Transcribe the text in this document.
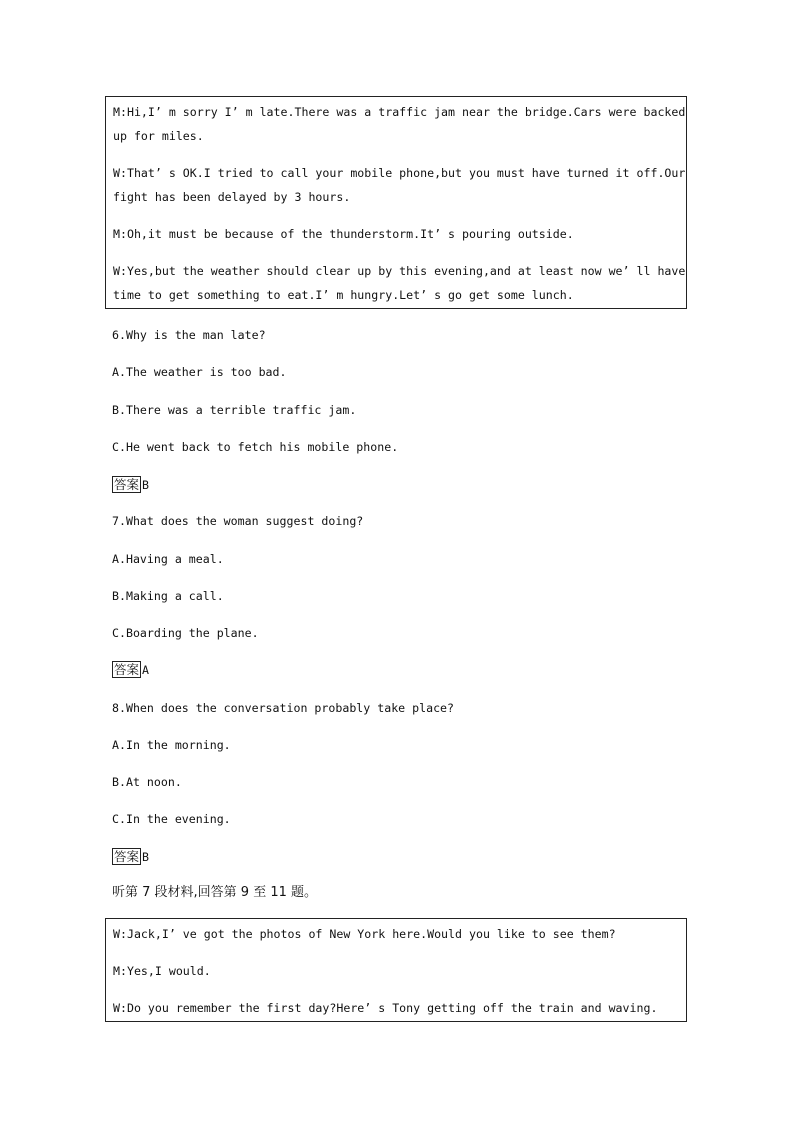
M:Hi,I’ m sorry I’ m late.There was a traffic jam near the bridge.Cars were backed
up for miles.
W:That’ s OK.I tried to call your mobile phone,but you must have turned it off.Our
fight has been delayed by 3 hours.
M:Oh,it must be because of the thunderstorm.It’ s pouring outside.
W:Yes,but the weather should clear up by this evening,and at least now we’ ll have
time to get something to eat.I’ m hungry.Let’ s go get some lunch.
6.Why is the man late?
A.The weather is too bad.
B.There was a terrible traffic jam.
C.He went back to fetch his mobile phone.
答案 B
7.What does the woman suggest doing?
A.Having a meal.
B.Making a call.
C.Boarding the plane.
答案 A
8.When does the conversation probably take place?
A.In the morning.
B.At noon.
C.In the evening.
答案 B
听第 7 段材料,回答第 9 至 11 题。
W:Jack,I’ ve got the photos of New York here.Would you like to see them?
M:Yes,I would.
W:Do you remember the first day?Here’ s Tony getting off the train and waving.
